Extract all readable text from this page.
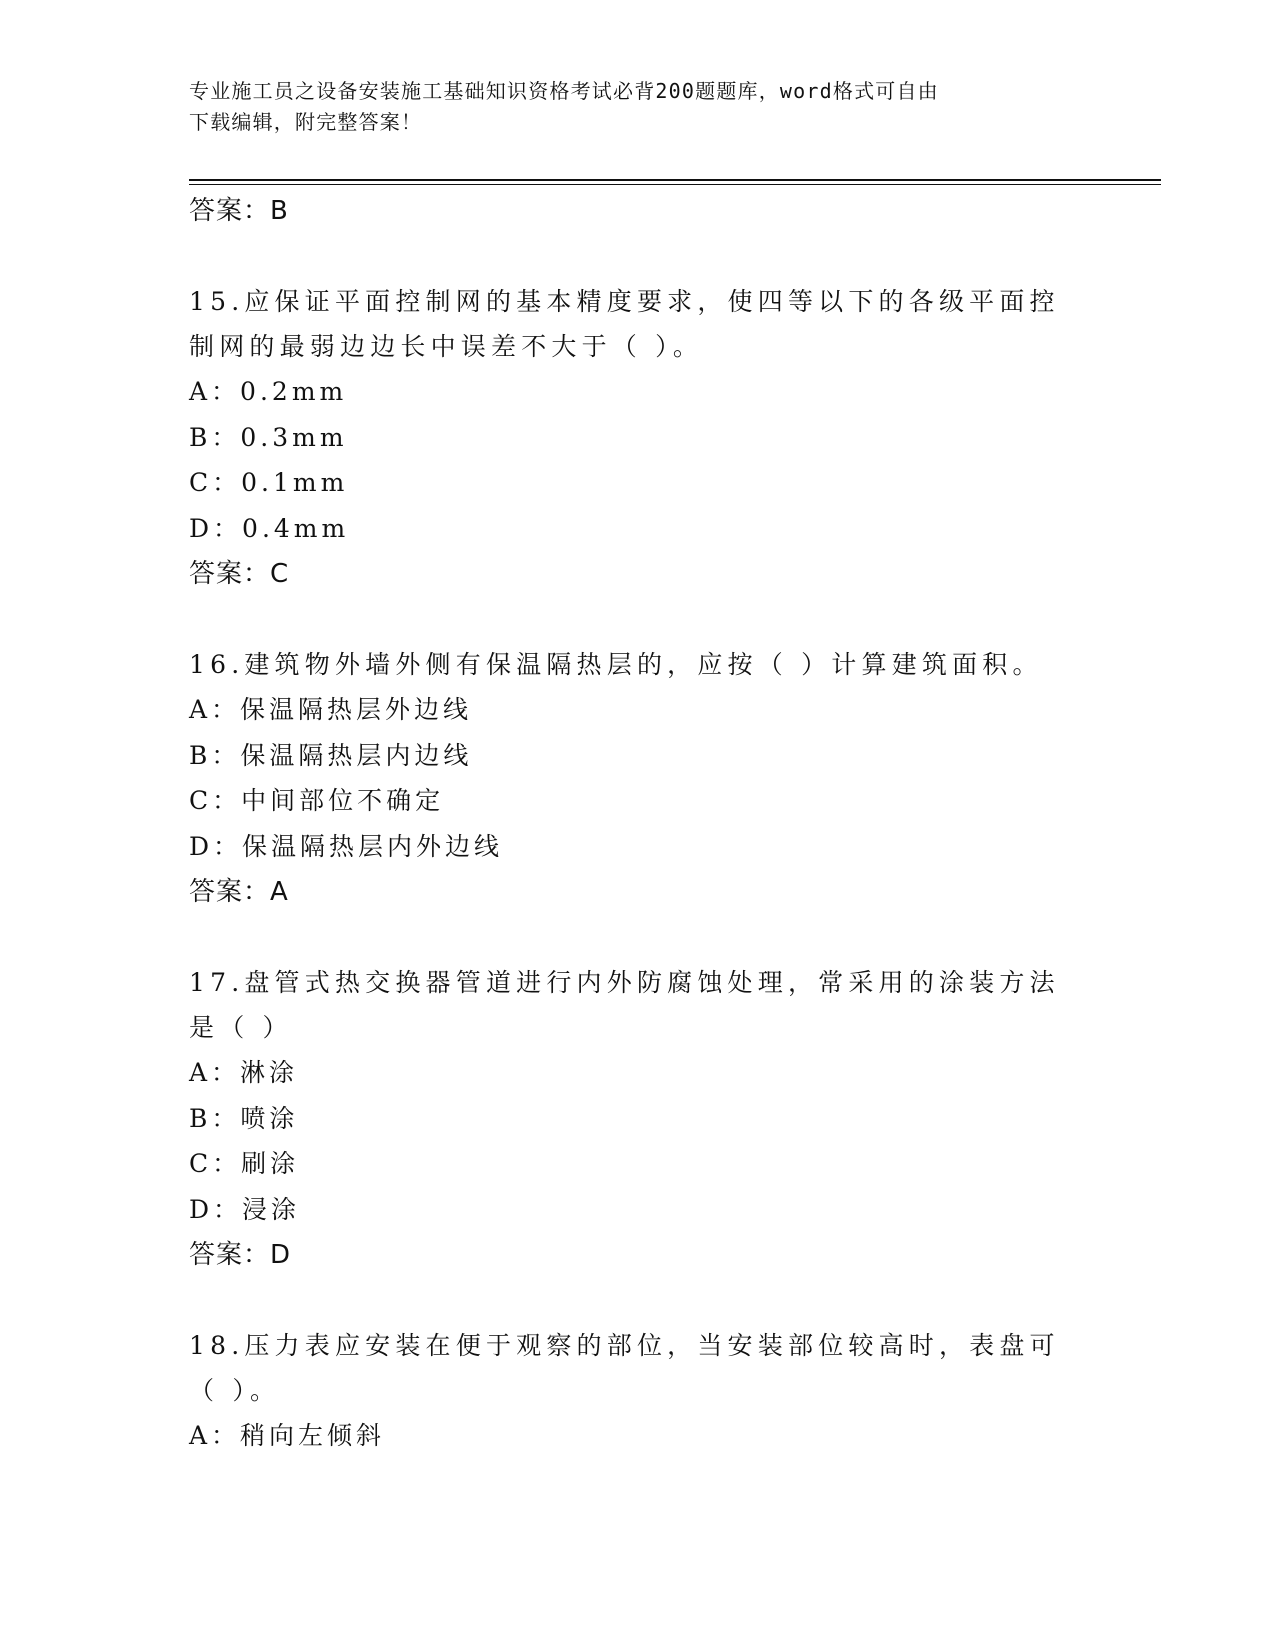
专业施工员之设备安装施工基础知识资格考试必背200题题库，word格式可自由
下载编辑，附完整答案！
答案：B
15.应保证平面控制网的基本精度要求，使四等以下的各级平面控制网的最弱边边长中误差不大于（ ）。
A：0.2mm
B：0.3mm
C：0.1mm
D：0.4mm
答案：C
16.建筑物外墙外侧有保温隔热层的，应按（ ）计算建筑面积。
A：保温隔热层外边线
B：保温隔热层内边线
C：中间部位不确定
D：保温隔热层内外边线
答案：A
17.盘管式热交换器管道进行内外防腐蚀处理，常采用的涂装方法是（ ）
A：淋涂
B：喷涂
C：刷涂
D：浸涂
答案：D
18.压力表应安装在便于观察的部位，当安装部位较高时，表盘可（ ）。
A：稍向左倾斜
